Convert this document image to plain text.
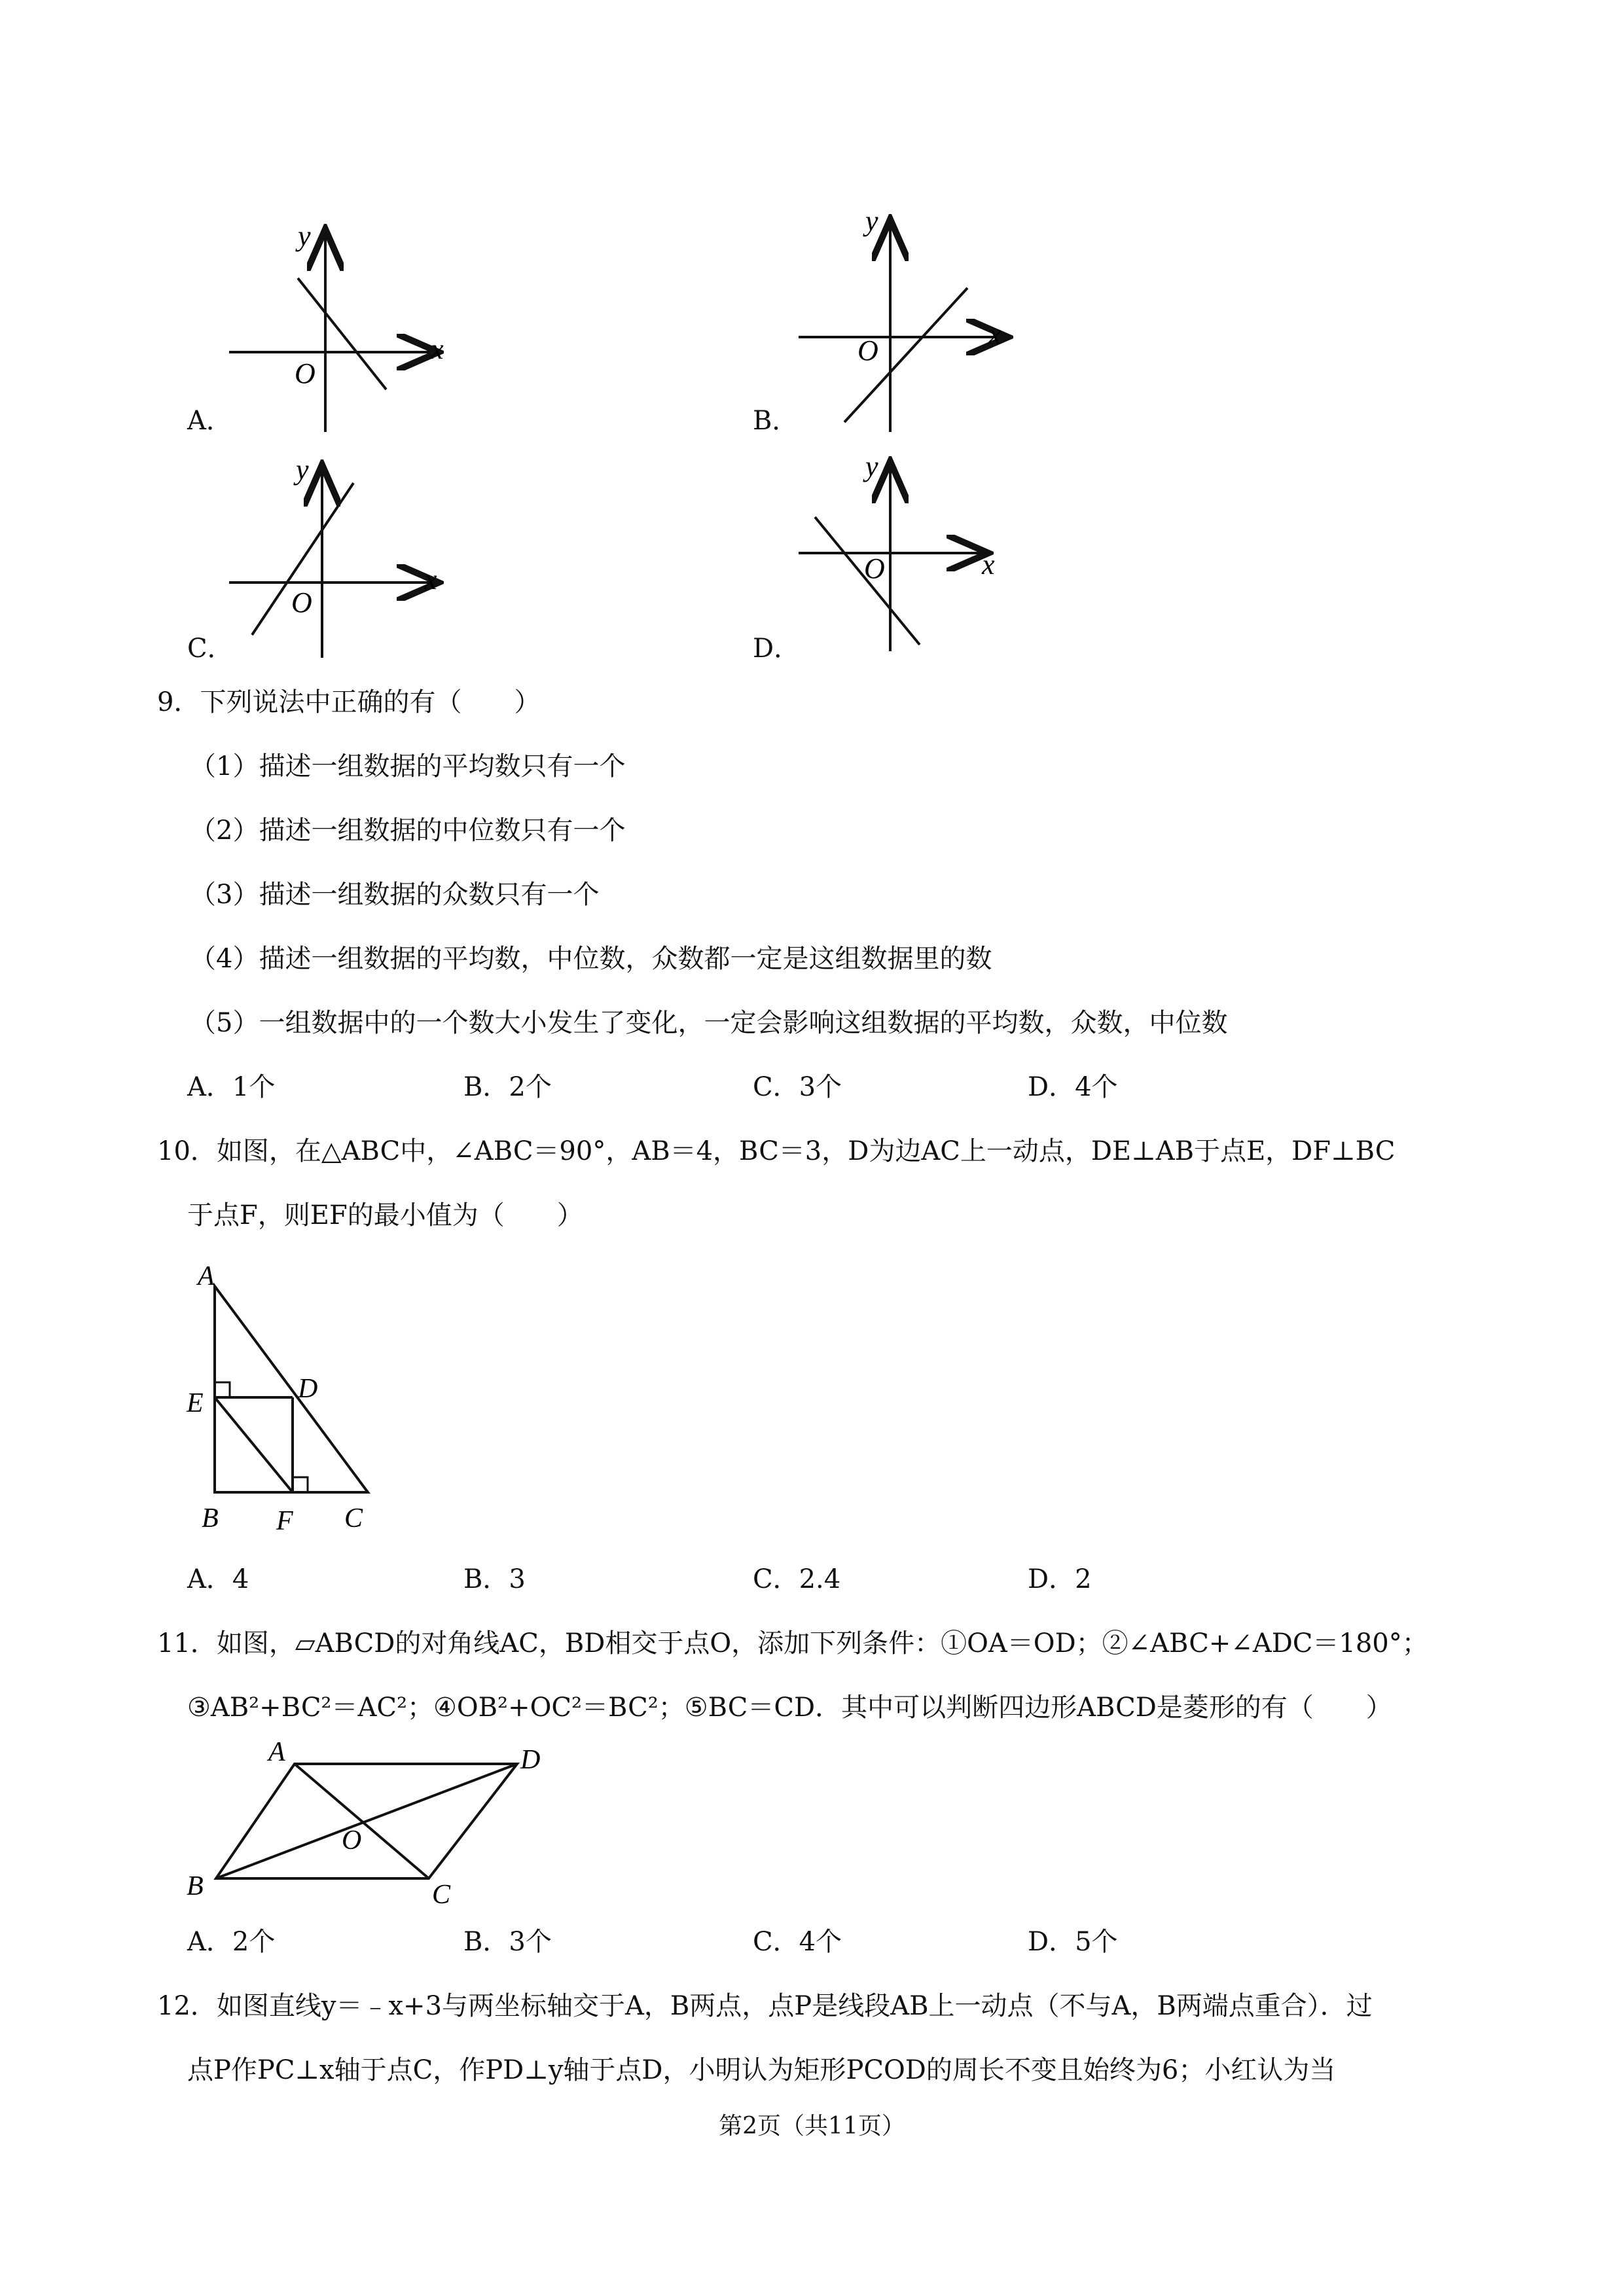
y
O
x
A．
y
O
x
B．
y
O
x
C．
y
O	x
D．
9．下列说法中正确的有（　　）
（1）描述一组数据的平均数只有一个
（2）描述一组数据的中位数只有一个
（3）描述一组数据的众数只有一个
（4）描述一组数据的平均数，中位数，众数都一定是这组数据里的数
（5）一组数据中的一个数大小发生了变化，一定会影响这组数据的平均数，众数，中位数
A．1个	B．2个	C．3个	D．4个
10．如图，在△ABC中，∠ABC＝90°，AB＝4，BC＝3，D为边AC上一动点，DE⊥AB于点E，DF⊥BC
于点F，则EF的最小值为（　　）
A
E	D
B F C
A．4	B．3	C．2.4	D．2
11．如图，▱ABCD的对角线AC，BD相交于点O，添加下列条件：①OA＝OD；②∠ABC+∠ADC＝180°；
③AB²+BC²＝AC²；④OB²+OC²＝BC²；⑤BC＝CD．其中可以判断四边形ABCD是菱形的有（　　）
A	D
O
B	C
A．2个	B．3个	C．4个	D．5个
12．如图直线y＝﹣x+3与两坐标轴交于A，B两点，点P是线段AB上一动点（不与A，B两端点重合）．过
点P作PC⊥x轴于点C，作PD⊥y轴于点D，小明认为矩形PCOD的周长不变且始终为6；小红认为当
第2页（共11页）
